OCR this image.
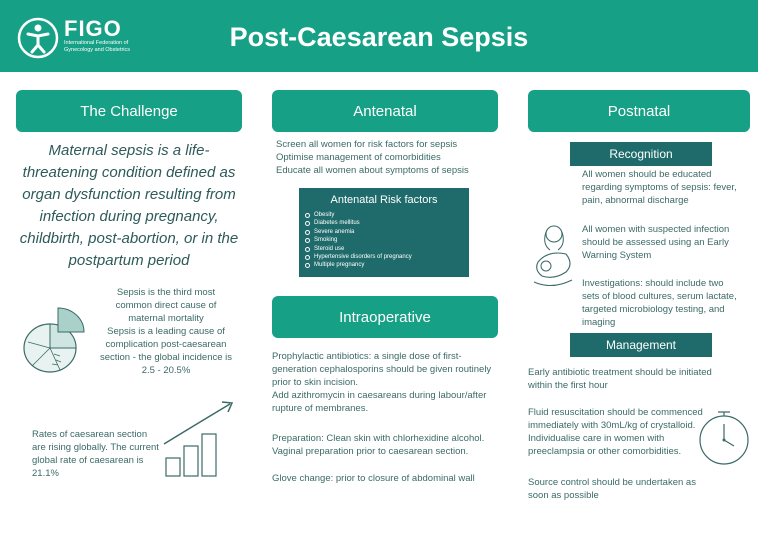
FIGO
International Federation of Gynecology and Obstetrics	Post-Caesarean Sepsis
The Challenge
Maternal sepsis is a life-threatening condition defined as organ dysfunction resulting from infection during pregnancy, childbirth, post-abortion, or in the postpartum period
Sepsis is the third most common direct cause of maternal mortality
Sepsis is a leading cause of complication post-caesarean section - the global incidence is 2.5 - 20.5%
Rates of caesarean section are rising globally. The current global rate of caesarean is 21.1%
Antenatal
Screen all women for risk factors for sepsis
Optimise management of comorbidities
Educate all women about symptoms of sepsis
Antenatal Risk factors
Obesity
Diabetes mellitus
Severe anemia
Smoking
Steroid use
Hypertensive disorders of pregnancy
Multiple pregnancy
Intraoperative
Prophylactic antibiotics: a single dose of first-generation cephalosporins should be given routinely prior to skin incision.
Add azithromycin in caesareans during labour/after rupture of membranes.
Preparation: Clean skin with chlorhexidine alcohol. Vaginal preparation prior to caesarean section.
Glove change: prior to closure of abdominal wall
Postnatal
Recognition
All women should be educated regarding symptoms of sepsis: fever, pain, abnormal discharge
All women with suspected infection should be assessed using an Early Warning System
Investigations: should include two sets of blood cultures, serum lactate, targeted microbiology testing, and imaging
Management
Early antibiotic treatment should be initiated within the first hour
Fluid resuscitation should be commenced immediately with 30mL/kg of crystalloid. Individualise care in women with preeclampsia or other comorbidities.
Source control should be undertaken as soon as possible
